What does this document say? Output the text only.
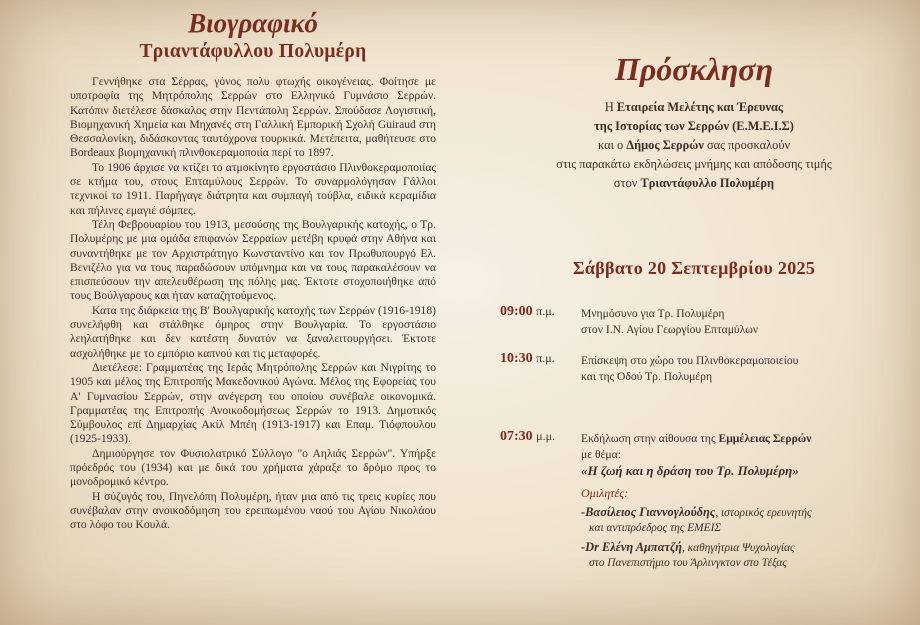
Βιογραφικό
Τριαντάφυλλου Πολυμέρη

Γεννήθηκε στα Σέρρας, γόνος πολυ φτωχής οικογένειας. Φοίτησε με υποτροφία της Μητρόπολης Σερρών στο Ελληνικό Γυμνάσιο Σερρών. Κατόπιν διετέλεσε δάσκαλος στην Πεντάπολη Σερρών. Σπούδασε Λογιστική, Βιομηχανική Χημεία και Μηχανές στη Γαλλική Εμπορική Σχολή Guiraud στη Θεσσαλονίκη, διδάσκοντας ταυτόχρονα τουρκικά. Μετέπειτα, μαθήτευσε στο Bordeaux βιομηχανική πλινθοκεραμοποιία περί το 1897.

Το 1906 άρχισε να κτίζει το ατμοκίνητο εργοστάσιο Πλινθοκεραμοποιίας σε κτήμα του, στους Επταμύλους Σερρών. Το συναρμολόγησαν Γάλλοι τεχνικοί το 1911. Παρήγαγε διάτρητα και συμπαγή τούβλα, ειδικά κεραμίδια και πήλινες εμαγιέ σόμπες.

Τέλη Φεβρουαρίου του 1913, μεσούσης της Βουλγαρικής κατοχής, ο Τρ. Πολυμέρης με μια ομάδα επιφανών Σερραίων μετέβη κρυφά στην Αθήνα και συναντήθηκε με τον Αρχιστράτηγο Κωνσταντίνο και τον Πρωθυπουργό Ελ. Βενιζέλο για να τους παραδώσουν υπόμνημα και να τους παρακαλέσουν να επισπεύσουν την απελευθέρωση της πόλης μας. Έκτοτε στοχοποιήθηκε από τους Βούλγαρους και ήταν καταζητούμενος.

Κατα της διάρκεια της Β' Βουλγαρικής κατοχής των Σερρών (1916-1918) συνελήφθη και στάλθηκε όμηρος στην Βουλγαρία. Το εργοστάσιο λεηλατήθηκε και δεν κατέστη δυνατόν να ξαναλειτουργήσει. Έκτοτε ασχολήθηκε με το εμπόριο καπνού και τις μεταφορές.

Διετέλεσε: Γραμματέας της Ιεράς Μητρόπολης Σερρών και Νιγρίτης το 1905 και μέλος της Επιτροπής Μακεδονικού Αγώνα. Μέλος της Εφορείας του Α' Γυμνασίου Σερρών, στην ανέγερση του οποίου συνέβαλε οικονομικά. Γραμματέας της Επιτροπής Ανοικοδομήσεως Σερρών το 1913. Δημοτικός Σύμβουλος επί Δημαρχίας Ακίλ Μπέη (1913-1917) και Επαμ. Τιόφπουλου (1925-1933).

Δημιούργησε τον Φυσιολατρικό Σύλλογο "ο Αηλιάς Σερρών". Υπήρξε πρόεδρός του (1934) και με δικά του χρήματα χάραξε το δρόμο προς το μονοδρομικό κέντρο.

Η σύζυγός του, Πηνελόπη Πολυμέρη, ήταν μια από τις τρεις κυρίες που συνέβαλαν στην ανοικοδόμηση του ερειπωμένου ναού του Αγίου Νικολάου στο λόφο του Κουλά.

Πρόσκληση
Η Εταιρεία Μελέτης και Έρευνας
της Ιστορίας των Σερρών (Ε.Μ.Ε.Ι.Σ)
και ο Δήμος Σερρών σας προσκαλούν
στις παρακάτω εκδηλώσεις μνήμης και απόδοσης τιμής
στον Τριαντάφυλλο Πολυμέρη
Σάββατο 20 Σεπτεμβρίου 2025
09:00 π.μ.	Μνημόσυνο για Τρ. Πολυμέρη
στον Ι.Ν. Αγίου Γεωργίου Επταμύλων
10:30 π.μ.	Επίσκεψη στο χώρο του Πλινθοκεραμοποιείου
και της Οδού Τρ. Πολυμέρη
07:30 μ.μ.	Εκδήλωση στην αίθουσα της Εμμέλειας Σερρών
με θέμα:
«Η ζωή και η δράση του Τρ. Πολυμέρη»
Ομιλητές:
-Βασίλειος Γιαννογλούδης, ιστορικός ερευνητής
και αντιπρόεδρος της ΕΜΕΙΣ
-Dr Ελένη Αμπατζή, καθηγήτρια Ψυχολογίας
στο Πανεπιστήμιο του Άρλινγκτον στο Τέξας
